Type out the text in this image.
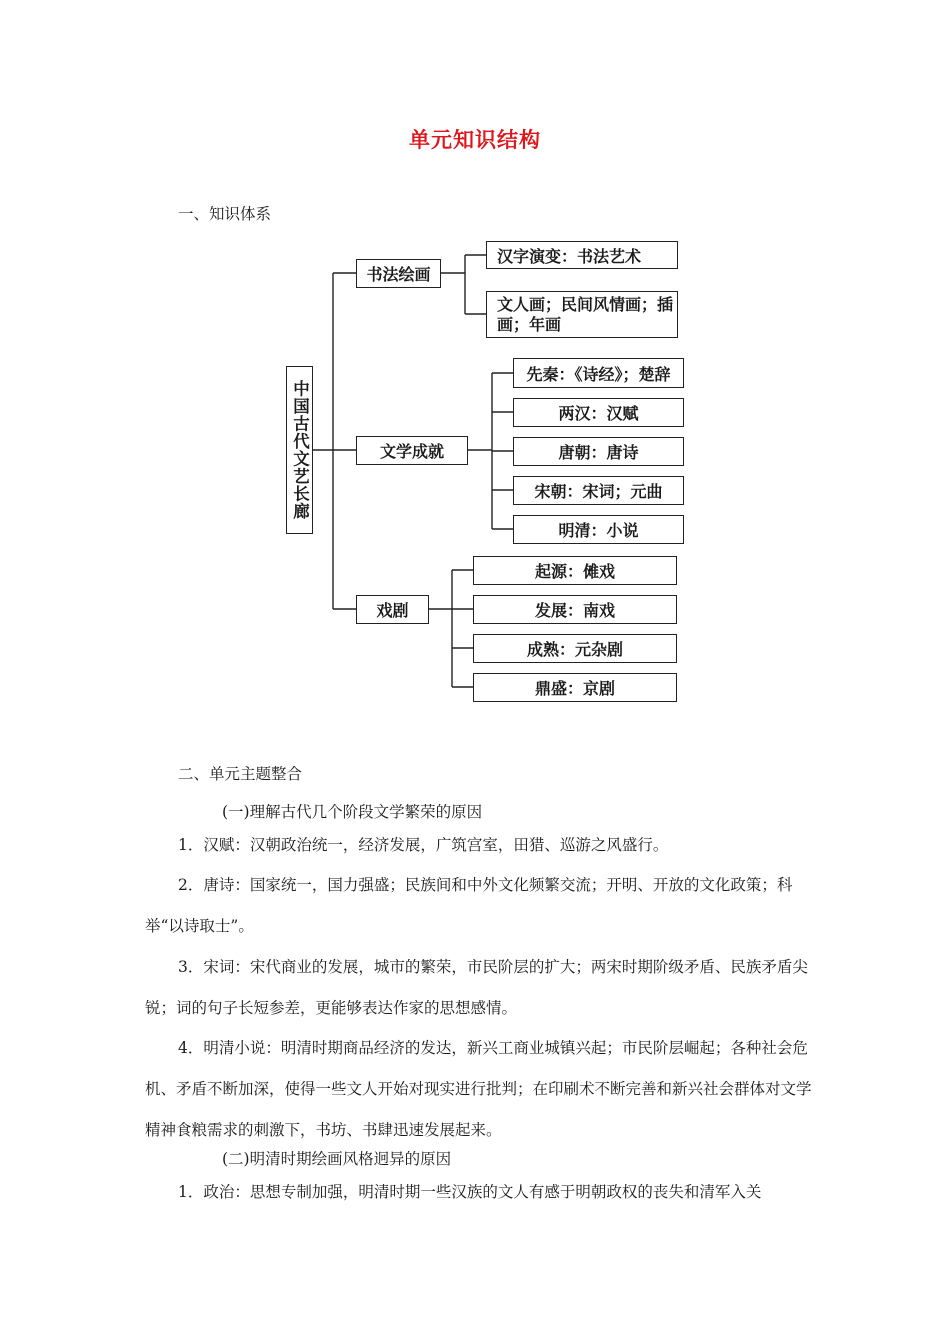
单元知识结构
一、知识体系
中国古代文艺长廊
书法绘画
文学成就
戏剧
汉字演变：书法艺术
文人画；民间风情画；插画；年画
先秦：《诗经》；楚辞
两汉：汉赋
唐朝：唐诗
宋朝：宋词；元曲
明清：小说
起源：傩戏
发展：南戏
成熟：元杂剧
鼎盛：京剧
二、单元主题整合
(一)理解古代几个阶段文学繁荣的原因
1．汉赋：汉朝政治统一，经济发展，广筑宫室，田猎、巡游之风盛行。
2．唐诗：国家统一，国力强盛；民族间和中外文化频繁交流；开明、开放的文化政策；科举“以诗取士”。
3．宋词：宋代商业的发展，城市的繁荣，市民阶层的扩大；两宋时期阶级矛盾、民族矛盾尖锐；词的句子长短参差，更能够表达作家的思想感情。
4．明清小说：明清时期商品经济的发达，新兴工商业城镇兴起；市民阶层崛起；各种社会危机、矛盾不断加深，使得一些文人开始对现实进行批判；在印刷术不断完善和新兴社会群体对文学精神食粮需求的刺激下，书坊、书肆迅速发展起来。
(二)明清时期绘画风格迥异的原因
1．政治：思想专制加强，明清时期一些汉族的文人有感于明朝政权的丧失和清军入关
